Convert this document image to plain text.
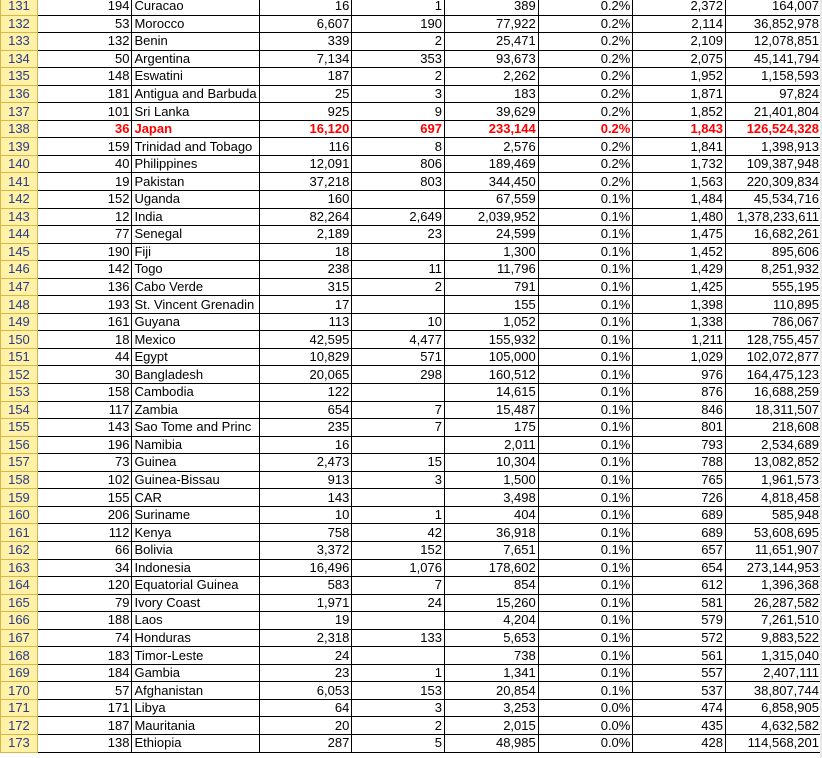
131	194	Curacao	16	1	389	0.2%	2,372	164,007
132	53	Morocco	6,607	190	77,922	0.2%	2,114	36,852,978
133	132	Benin	339	2	25,471	0.2%	2,109	12,078,851
134	50	Argentina	7,134	353	93,673	0.2%	2,075	45,141,794
135	148	Eswatini	187	2	2,262	0.2%	1,952	1,158,593
136	181	Antigua and Barbuda	25	3	183	0.2%	1,871	97,824
137	101	Sri Lanka	925	9	39,629	0.2%	1,852	21,401,804
138	36	Japan	16,120	697	233,144	0.2%	1,843	126,524,328
139	159	Trinidad and Tobago	116	8	2,576	0.2%	1,841	1,398,913
140	40	Philippines	12,091	806	189,469	0.2%	1,732	109,387,948
141	19	Pakistan	37,218	803	344,450	0.2%	1,563	220,309,834
142	152	Uganda	160		67,559	0.1%	1,484	45,534,716
143	12	India	82,264	2,649	2,039,952	0.1%	1,480	1,378,233,611
144	77	Senegal	2,189	23	24,599	0.1%	1,475	16,682,261
145	190	Fiji	18		1,300	0.1%	1,452	895,606
146	142	Togo	238	11	11,796	0.1%	1,429	8,251,932
147	136	Cabo Verde	315	2	791	0.1%	1,425	555,195
148	193	St. Vincent Grenadin	17		155	0.1%	1,398	110,895
149	161	Guyana	113	10	1,052	0.1%	1,338	786,067
150	18	Mexico	42,595	4,477	155,932	0.1%	1,211	128,755,457
151	44	Egypt	10,829	571	105,000	0.1%	1,029	102,072,877
152	30	Bangladesh	20,065	298	160,512	0.1%	976	164,475,123
153	158	Cambodia	122		14,615	0.1%	876	16,688,259
154	117	Zambia	654	7	15,487	0.1%	846	18,311,507
155	143	Sao Tome and Princ	235	7	175	0.1%	801	218,608
156	196	Namibia	16		2,011	0.1%	793	2,534,689
157	73	Guinea	2,473	15	10,304	0.1%	788	13,082,852
158	102	Guinea-Bissau	913	3	1,500	0.1%	765	1,961,573
159	155	CAR	143		3,498	0.1%	726	4,818,458
160	206	Suriname	10	1	404	0.1%	689	585,948
161	112	Kenya	758	42	36,918	0.1%	689	53,608,695
162	66	Bolivia	3,372	152	7,651	0.1%	657	11,651,907
163	34	Indonesia	16,496	1,076	178,602	0.1%	654	273,144,953
164	120	Equatorial Guinea	583	7	854	0.1%	612	1,396,368
165	79	Ivory Coast	1,971	24	15,260	0.1%	581	26,287,582
166	188	Laos	19		4,204	0.1%	579	7,261,510
167	74	Honduras	2,318	133	5,653	0.1%	572	9,883,522
168	183	Timor-Leste	24		738	0.1%	561	1,315,040
169	184	Gambia	23	1	1,341	0.1%	557	2,407,111
170	57	Afghanistan	6,053	153	20,854	0.1%	537	38,807,744
171	171	Libya	64	3	3,253	0.0%	474	6,858,905
172	187	Mauritania	20	2	2,015	0.0%	435	4,632,582
173	138	Ethiopia	287	5	48,985	0.0%	428	114,568,201
